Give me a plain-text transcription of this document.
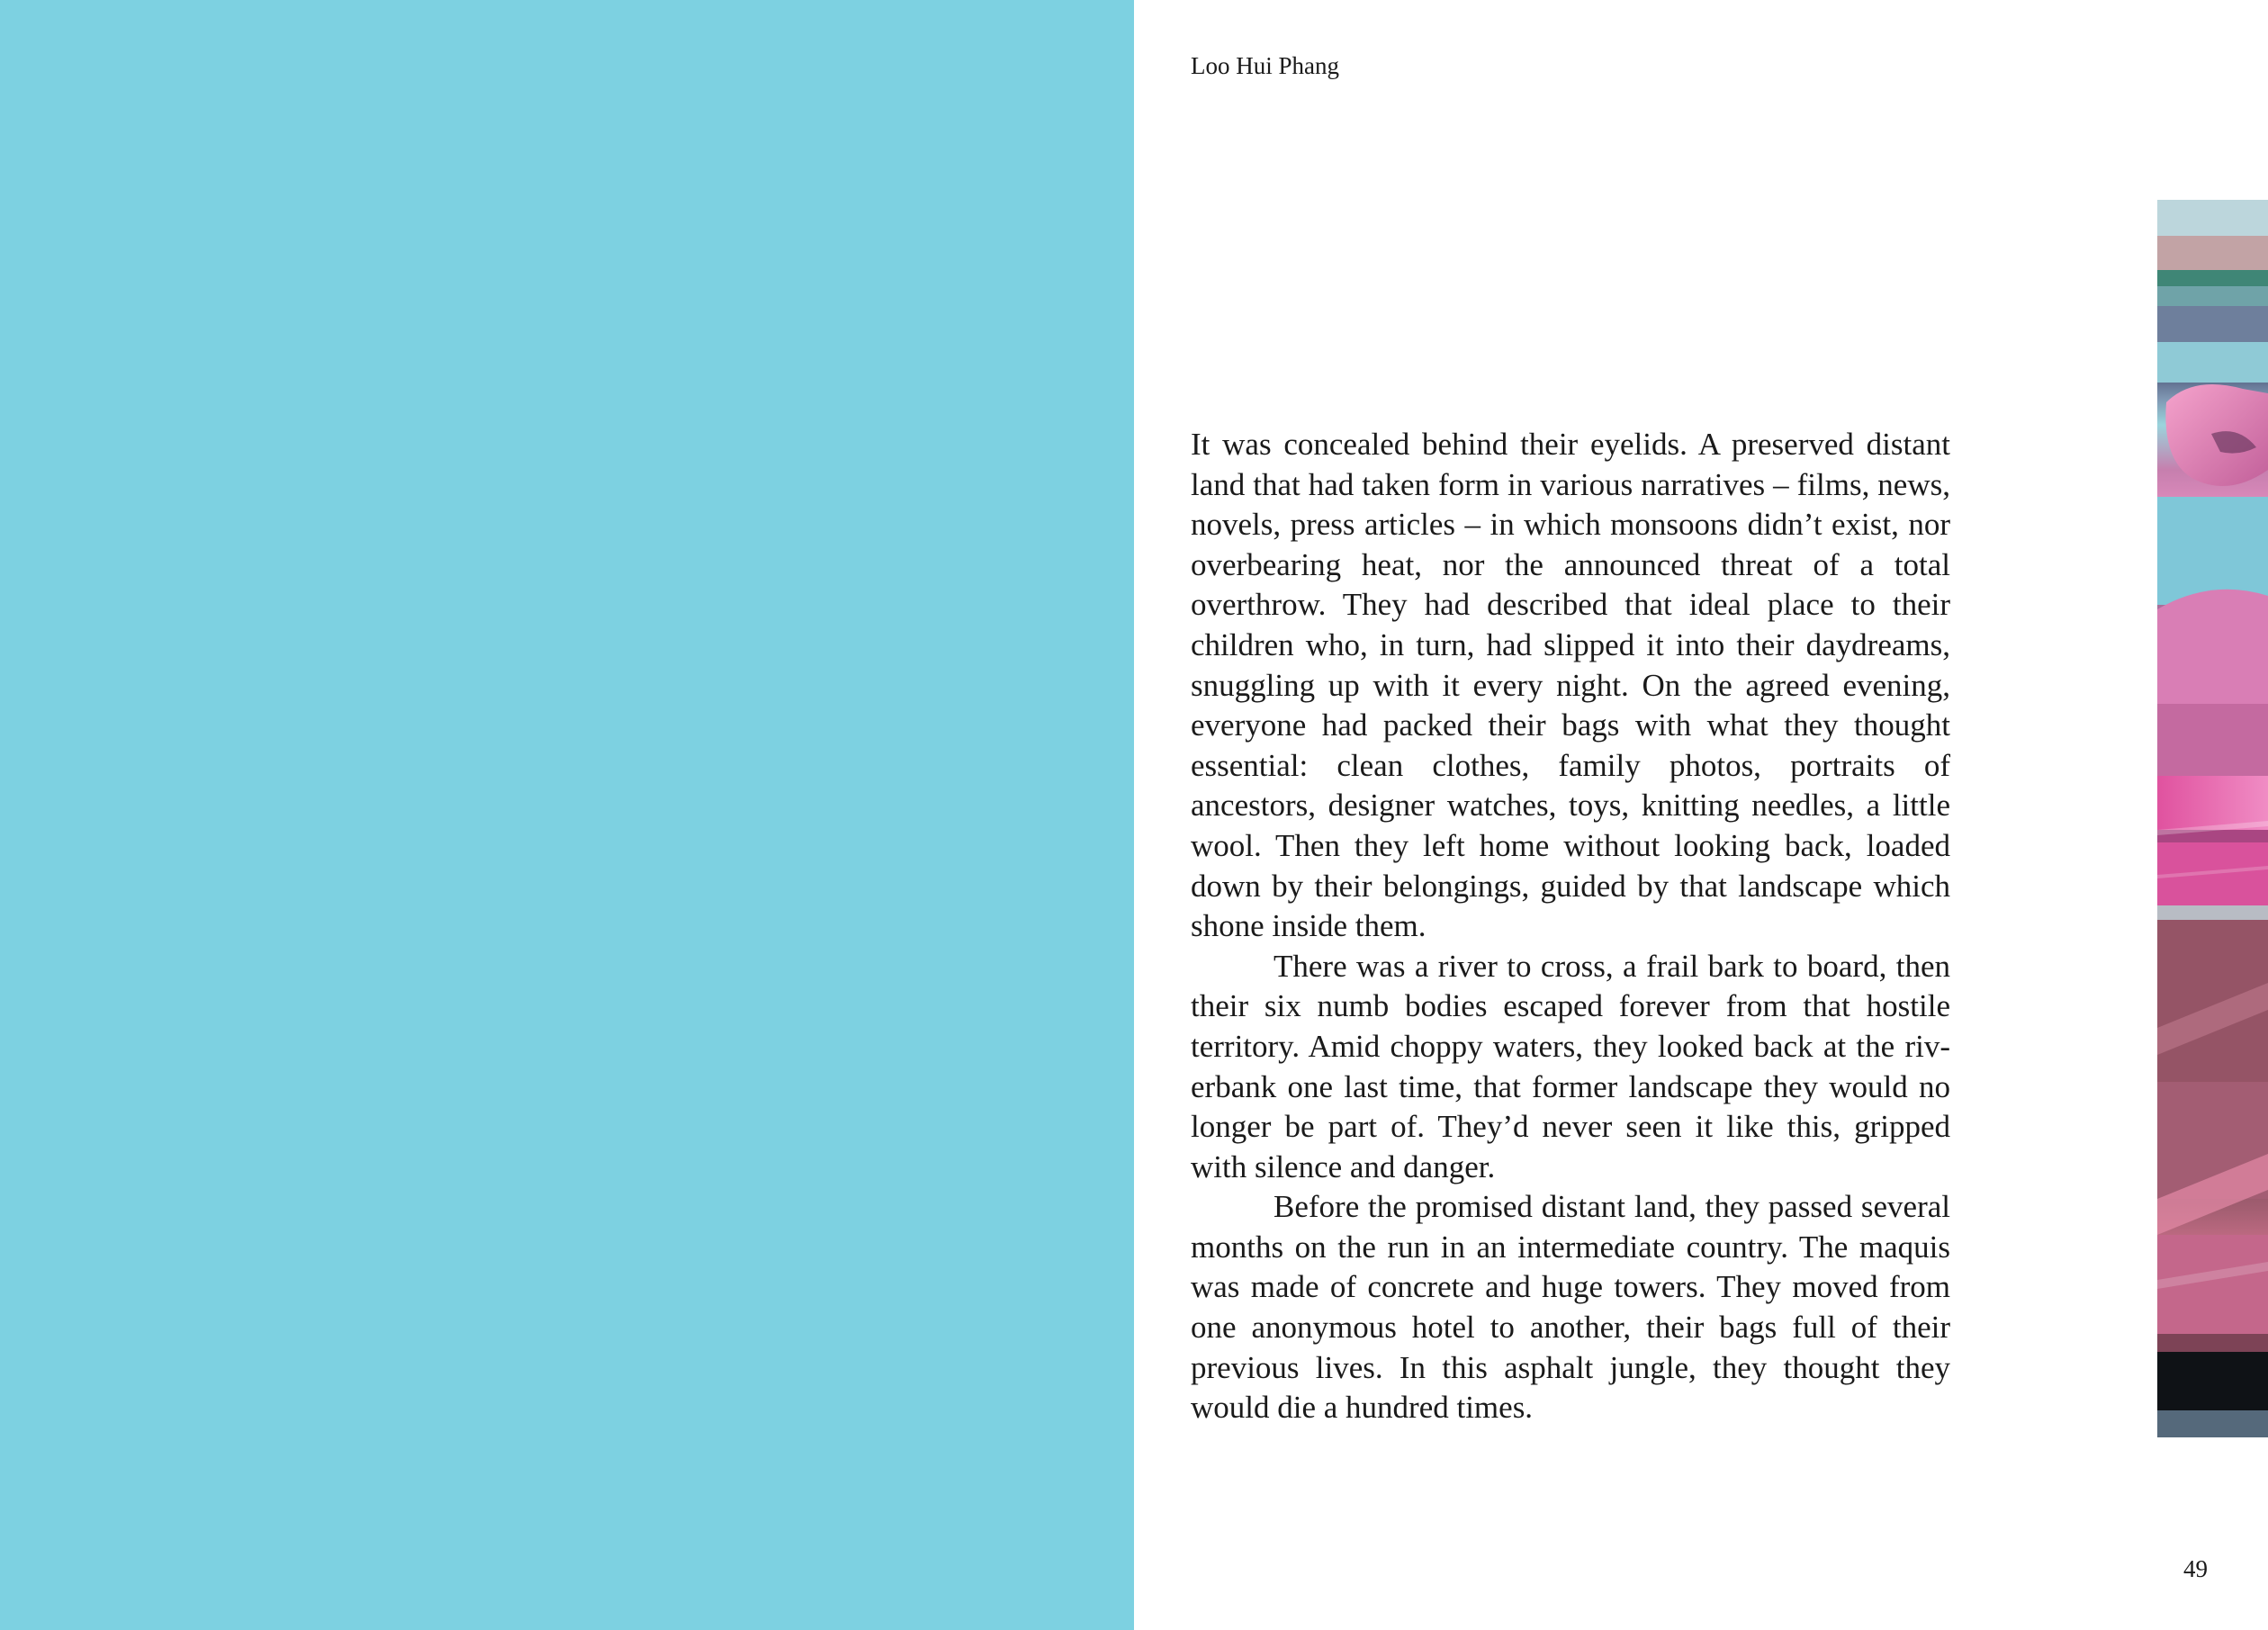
Loo Hui Phang

It was concealed behind their eyelids. A preserved distant land that had taken form in various narratives – films, news, novels, press articles – in which monsoons didn’t exist, nor overbearing heat, nor the announced threat of a total overthrow. They had described that ideal place to their children who, in turn, had slipped it into their daydreams, snuggling up with it every night. On the agreed evening, everyone had packed their bags with what they thought essential: clean clothes, family photos, portraits of ancestors, designer watches, toys, knitting needles, a little wool. Then they left home without looking back, loaded down by their belongings, guided by that landscape which shone inside them.

There was a river to cross, a frail bark to board, then their six numb bodies escaped forever from that hostile territory. Amid choppy waters, they looked back at the riverbank one last time, that former landscape they would no longer be part of. They’d never seen it like this, gripped with silence and danger.

Before the promised distant land, they passed several months on the run in an intermediate country. The maquis was made of concrete and huge towers. They moved from one anonymous hotel to another, their bags full of their previous lives. In this asphalt jungle, they thought they would die a hundred times.

49
